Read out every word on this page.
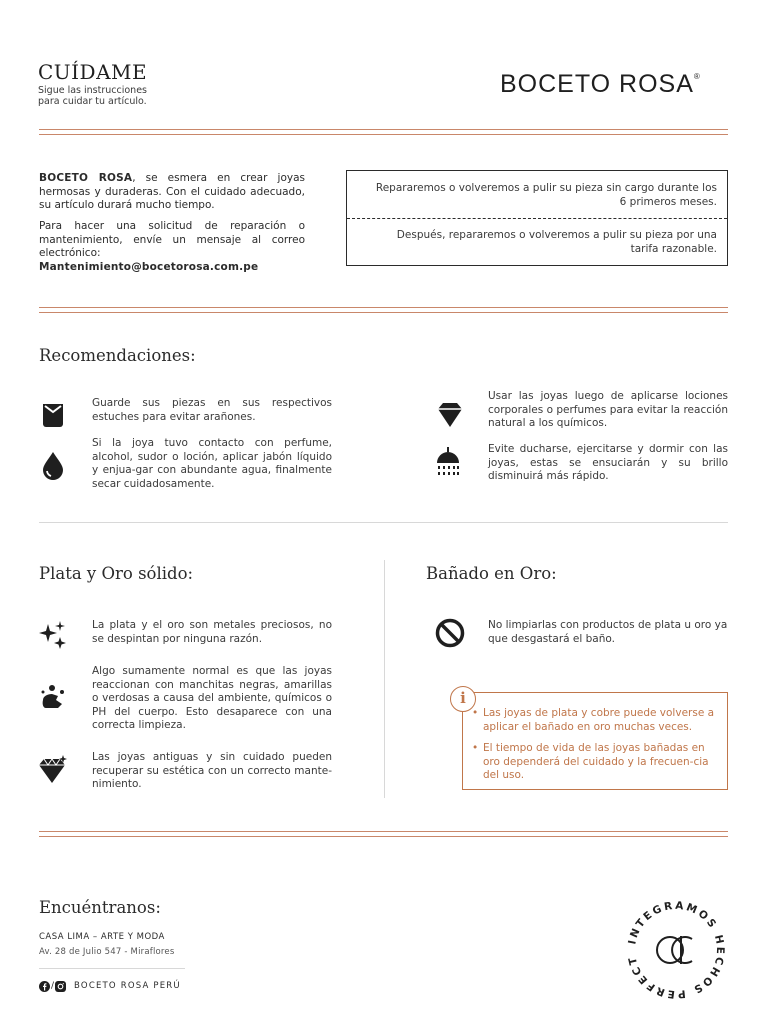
CUÍDAME
Sigue las instrucciones
para cuidar tu artículo.
BOCETO ROSA®
BOCETO ROSA, se esmera en crear joyas hermosas y duraderas. Con el cuidado adecuado, su artículo durará mucho tiempo.
Para hacer una solicitud de reparación o mantenimiento, envíe un mensaje al correo electrónico: Mantenimiento@bocetorosa.com.pe
Repararemos o volveremos a pulir su pieza sin cargo durante los 6 primeros meses.
Después, repararemos o volveremos a pulir su pieza por una tarifa razonable.
Recomendaciones:
Guarde sus piezas en sus respectivos estuches para evitar arañones.
Si la joya tuvo contacto con perfume, alcohol, sudor o loción, aplicar jabón líquido y enjua-gar con abundante agua, finalmente secar cuidadosamente.
Usar las joyas luego de aplicarse lociones corporales o perfumes para evitar la reacción natural a los químicos.
Evite ducharse, ejercitarse y dormir con las joyas, estas se ensuciarán y su brillo disminuirá más rápido.
Plata y Oro sólido:
La plata y el oro son metales preciosos, no se despintan por ninguna razón.
Algo sumamente normal es que las joyas reaccionan con manchitas negras, amarillas o verdosas a causa del ambiente, químicos o PH del cuerpo. Esto desaparece con una correcta limpieza.
Las joyas antiguas y sin cuidado pueden recuperar su estética con un correcto mante-nimiento.
Bañado en Oro:
No limpiarlas con productos de plata u oro ya que desgastará el baño.
• Las joyas de plata y cobre puede volverse a aplicar el bañado en oro muchas veces.
• El tiempo de vida de las joyas bañadas en oro dependerá del cuidado y la frecuen-cia del uso.
i
Encuéntranos:
CASA LIMA – ARTE Y MODA
Av. 28 de Julio 547 - Miraflores
/ BOCETO ROSA PERÚ
INTEGRAMOS HECHOS PERFECT
